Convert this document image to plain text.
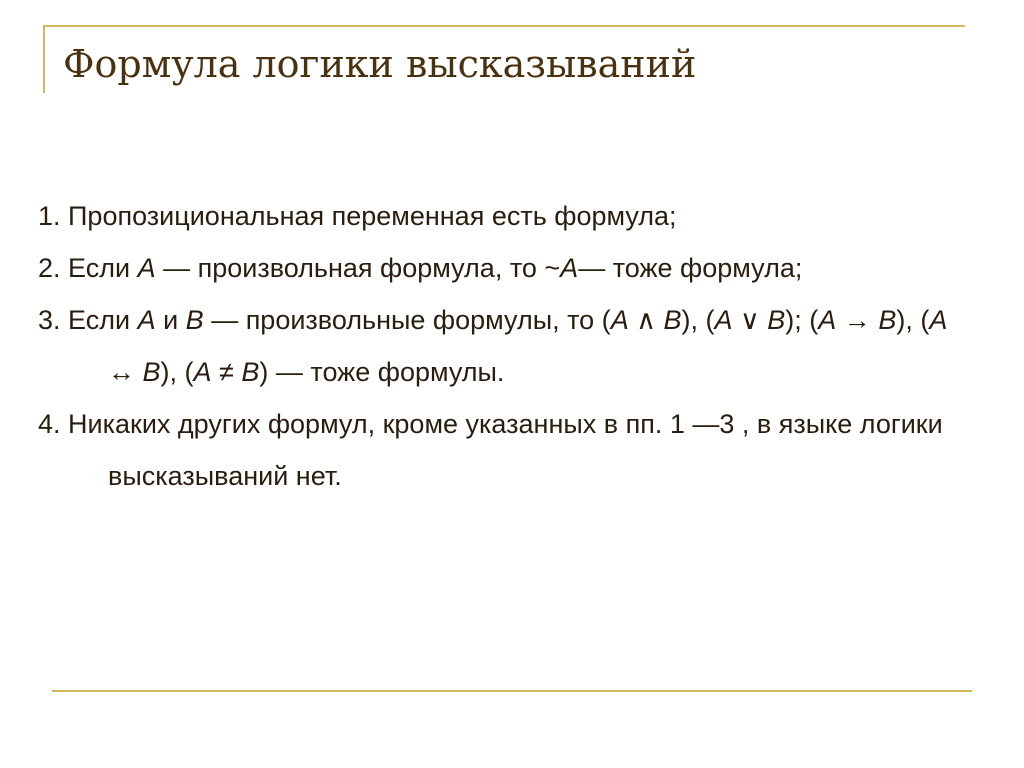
Формула логики высказываний

1. Пропозициональная переменная есть формула;

2. Если А — произвольная формула, то ~А— тоже формула;

3. Если А и В — произвольные формулы, то (А ∧ В), (А ∨ В); (А → В), (А ↔ В), (А ≠ В) — тоже формулы.

4. Никаких других формул, кроме указанных в пп. 1 —3 , в языке логики высказываний нет.
